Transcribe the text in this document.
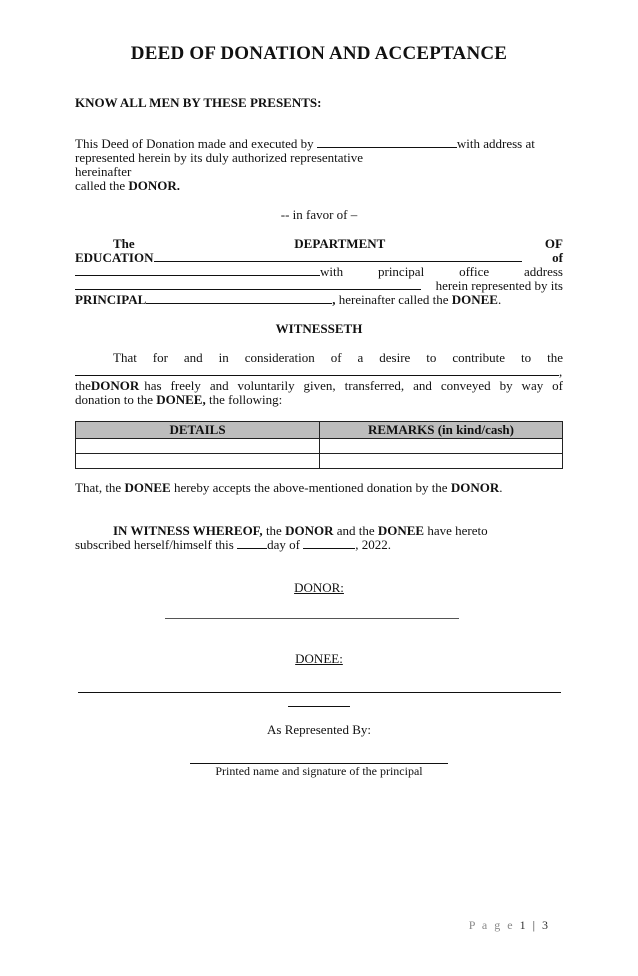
DEED OF DONATION AND ACCEPTANCE
KNOW ALL MEN BY THESE PRESENTS:
This Deed of Donation made and executed by	with address at
represented herein by its duly authorized representative
hereinafter
called the DONOR.
-- in favor of –
The	DEPARTMENT	OF
EDUCATION	of
with	principal	office	address
herein represented by its
PRINCIPAL	, hereinafter called the DONEE.
WITNESSETH
That for and in consideration of a desire to contribute to the
,
the DONOR has freely and voluntarily given, transferred, and conveyed by way of
donation to the DONEE, the following:
DETAILS	REMARKS (in kind/cash)

That, the DONEE hereby accepts the above-mentioned donation by the DONOR.
IN WITNESS WHEREOF, the DONOR and the DONEE have hereto
subscribed herself/himself this	day of	, 2022.
DONOR:
DONEE:
As Represented By:
Printed name and signature of the principal
P a g e 1 | 3
